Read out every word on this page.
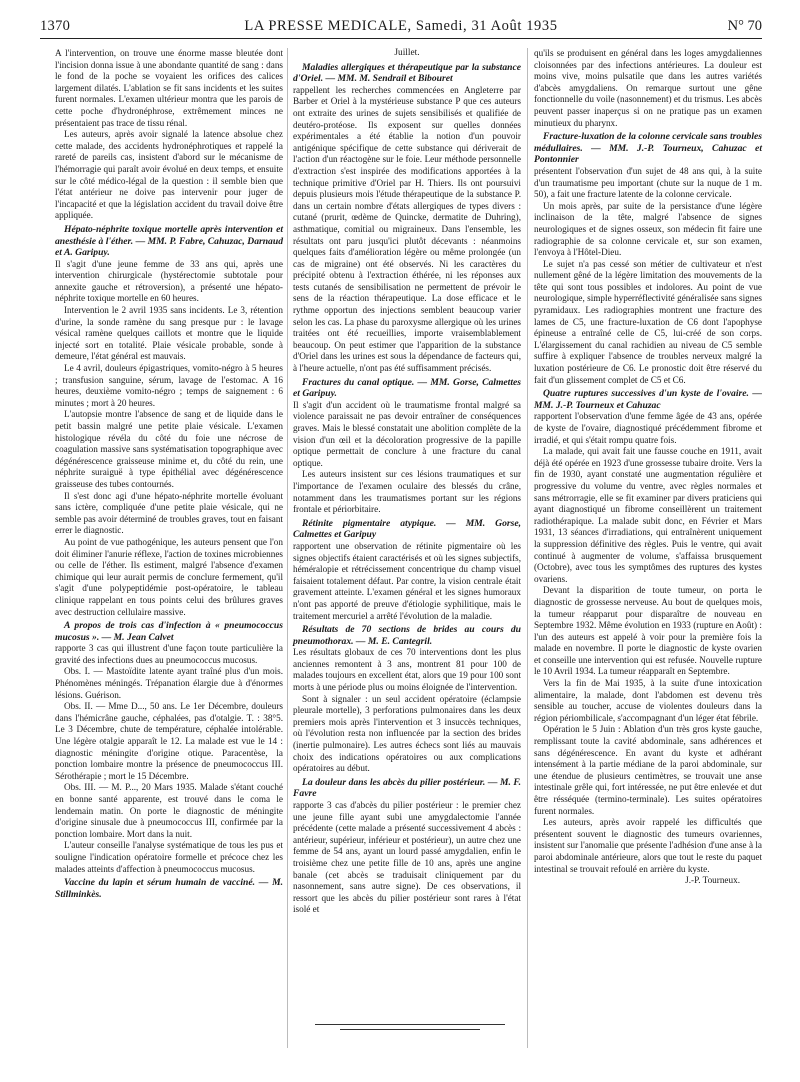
1370	LA PRESSE MEDICALE, Samedi, 31 Août 1935	N° 70

A l'intervention, on trouve une énorme masse bleutée dont l'incision donna issue à une abondante quantité de sang : dans le fond de la poche se voyaient les orifices des calices largement dilatés. L'ablation se fit sans incidents et les suites furent normales. L'examen ultérieur montra que les parois de cette poche d'hydronéphrose, extrêmement minces ne présentaient pas trace de tissu rénal.

Les auteurs, après avoir signalé la latence absolue chez cette malade, des accidents hydronéphrotiques et rappelé la rareté de pareils cas, insistent d'abord sur le mécanisme de l'hémorragie qui paraît avoir évolué en deux temps, et ensuite sur le côté médico-légal de la question : il semble bien que l'état antérieur ne doive pas intervenir pour juger de l'incapacité et que la législation accident du travail doive être appliquée.

Hépato-néphrite toxique mortelle après intervention et anesthésie à l'éther. — MM. P. Fabre, Cahuzac, Darnaud et A. Garipuy.

Il s'agit d'une jeune femme de 33 ans qui, après une intervention chirurgicale (hystérectomie subtotale pour annexite gauche et rétroversion), a présenté une hépato-néphrite toxique mortelle en 60 heures.

Intervention le 2 avril 1935 sans incidents. Le 3, rétention d'urine, la sonde ramène du sang presque pur : le lavage vésical ramène quelques caillots et montre que le liquide injecté sort en totalité. Plaie vésicale probable, sonde à demeure, l'état général est mauvais.

Le 4 avril, douleurs épigastriques, vomito-négro à 5 heures ; transfusion sanguine, sérum, lavage de l'estomac. A 16 heures, deuxième vomito-négro ; temps de saignement : 6 minutes ; mort à 20 heures.

L'autopsie montre l'absence de sang et de liquide dans le petit bassin malgré une petite plaie vésicale. L'examen histologique révéla du côté du foie une nécrose de coagulation massive sans systématisation topographique avec dégénérescence graisseuse minime et, du côté du rein, une néphrite suraiguë à type épithélial avec dégénérescence graisseuse des tubes contournés.

Il s'est donc agi d'une hépato-néphrite mortelle évoluant sans ictère, compliquée d'une petite plaie vésicale, qui ne semble pas avoir déterminé de troubles graves, tout en faisant errer le diagnostic.

Au point de vue pathogénique, les auteurs pensent que l'on doit éliminer l'anurie réflexe, l'action de toxines microbiennes ou celle de l'éther. Ils estiment, malgré l'absence d'examen chimique qui leur aurait permis de conclure fermement, qu'il s'agit d'une polypeptidémie post-opératoire, le tableau clinique rappelant en tous points celui des brûlures graves avec destruction cellulaire massive.

A propos de trois cas d'infection à « pneumococcus mucosus ». — M. Jean Calvet

rapporte 3 cas qui illustrent d'une façon toute particulière la gravité des infections dues au pneumococcus mucosus.

Obs. I. — Mastoïdite latente ayant traîné plus d'un mois. Phénomènes méningés. Trépanation élargie due à d'énormes lésions. Guérison.

Obs. II. — Mme D..., 50 ans. Le 1er Décembre, douleurs dans l'hémicrâne gauche, céphalées, pas d'otalgie. T. : 38°5. Le 3 Décembre, chute de température, céphalée intolérable. Une légère otalgie apparaît le 12. La malade est vue le 14 : diagnostic méningite d'origine otique. Paracentèse, la ponction lombaire montre la présence de pneumococcus III. Sérothérapie ; mort le 15 Décembre.

Obs. III. — M. P..., 20 Mars 1935. Malade s'étant couché en bonne santé apparente, est trouvé dans le coma le lendemain matin. On porte le diagnostic de méningite d'origine sinusale due à pneumococcus III, confirmée par la ponction lombaire. Mort dans la nuit.

L'auteur conseille l'analyse systématique de tous les pus et souligne l'indication opératoire formelle et précoce chez les malades atteints d'affection à pneumococcus mucosus.

Vaccine du lapin et sérum humain de vacciné. — M. Stillminkès.

Juillet.

Maladies allergiques et thérapeutique par la substance d'Oriel. — MM. M. Sendrail et Bibouret

rappellent les recherches commencées en Angleterre par Barber et Oriel à la mystérieuse substance P que ces auteurs ont extraite des urines de sujets sensibilisés et qualifiée de deutéro-protéose. Ils exposent sur quelles données expérimentales a été établie la notion d'un pouvoir antigénique spécifique de cette substance qui dériverait de l'action d'un réactogène sur le foie. Leur méthode personnelle d'extraction s'est inspirée des modifications apportées à la technique primitive d'Oriel par H. Thiers. Ils ont poursuivi depuis plusieurs mois l'étude thérapeutique de la substance P. dans un certain nombre d'états allergiques de types divers : cutané (prurit, œdème de Quincke, dermatite de Duhring), asthmatique, comitial ou migraineux. Dans l'ensemble, les résultats ont paru jusqu'ici plutôt décevants : néanmoins quelques faits d'amélioration légère ou même prolongée (un cas de migraine) ont été observés. Ni les caractères du précipité obtenu à l'extraction éthérée, ni les réponses aux tests cutanés de sensibilisation ne permettent de prévoir le sens de la réaction thérapeutique. La dose efficace et le rythme opportun des injections semblent beaucoup varier selon les cas. La phase du paroxysme allergique où les urines traitées ont été recueillies, importe vraisemblablement beaucoup. On peut estimer que l'apparition de la substance d'Oriel dans les urines est sous la dépendance de facteurs qui, à l'heure actuelle, n'ont pas été suffisamment précisés.

Fractures du canal optique. — MM. Gorse, Calmettes et Garipuy.

Il s'agit d'un accident où le traumatisme frontal malgré sa violence paraissait ne pas devoir entraîner de conséquences graves. Mais le blessé constatait une abolition complète de la vision d'un œil et la décoloration progressive de la papille optique permettait de conclure à une fracture du canal optique.

Les auteurs insistent sur ces lésions traumatiques et sur l'importance de l'examen oculaire des blessés du crâne, notamment dans les traumatismes portant sur les régions frontale et périorbitaire.

Rétinite pigmentaire atypique. — MM. Gorse, Calmettes et Garipuy

rapportent une observation de rétinite pigmentaire où les signes objectifs étaient caractérisés et où les signes subjectifs, héméralopie et rétrécissement concentrique du champ visuel faisaient totalement défaut. Par contre, la vision centrale était gravement atteinte. L'examen général et les signes humoraux n'ont pas apporté de preuve d'étiologie syphilitique, mais le traitement mercuriel a arrêté l'évolution de la maladie.

Résultats de 70 sections de brides au cours du pneumothorax. — M. E. Cantegril.

Les résultats globaux de ces 70 interventions dont les plus anciennes remontent à 3 ans, montrent 81 pour 100 de malades toujours en excellent état, alors que 19 pour 100 sont morts à une période plus ou moins éloignée de l'intervention.

Sont à signaler : un seul accident opératoire (éclampsie pleurale mortelle), 3 perforations pulmonaires dans les deux premiers mois après l'intervention et 3 insuccès techniques, où l'évolution resta non influencée par la section des brides (inertie pulmonaire). Les autres échecs sont liés au mauvais choix des indications opératoires ou aux complications opératoires au début.

La douleur dans les abcès du pilier postérieur. — M. F. Favre

rapporte 3 cas d'abcès du pilier postérieur : le premier chez une jeune fille ayant subi une amygdalectomie l'année précédente (cette malade a présenté successivement 4 abcès : antérieur, supérieur, inférieur et postérieur), un autre chez une femme de 54 ans, ayant un lourd passé amygdalien, enfin le troisième chez une petite fille de 10 ans, après une angine banale (cet abcès se traduisait cliniquement par du nasonnement, sans autre signe). De ces observations, il ressort que les abcès du pilier postérieur sont rares à l'état isolé et

qu'ils se produisent en général dans les loges amygdaliennes cloisonnées par des infections antérieures. La douleur est moins vive, moins pulsatile que dans les autres variétés d'abcès amygdaliens. On remarque surtout une gêne fonctionnelle du voile (nasonnement) et du trismus. Les abcès peuvent passer inaperçus si on ne pratique pas un examen minutieux du pharynx.

Fracture-luxation de la colonne cervicale sans troubles médullaires. — MM. J.-P. Tourneux, Cahuzac et Pontonnier

présentent l'observation d'un sujet de 48 ans qui, à la suite d'un traumatisme peu important (chute sur la nuque de 1 m. 50), a fait une fracture latente de la colonne cervicale.

Un mois après, par suite de la persistance d'une légère inclinaison de la tête, malgré l'absence de signes neurologiques et de signes osseux, son médecin fit faire une radiographie de sa colonne cervicale et, sur son examen, l'envoya à l'Hôtel-Dieu.

Le sujet n'a pas cessé son métier de cultivateur et n'est nullement gêné de la légère limitation des mouvements de la tête qui sont tous possibles et indolores. Au point de vue neurologique, simple hyperréflectivité généralisée sans signes pyramidaux. Les radiographies montrent une fracture des lames de C5, une fracture-luxation de C6 dont l'apophyse épineuse a entraîné celle de C5, lui-créé de son corps. L'élargissement du canal rachidien au niveau de C5 semble suffire à expliquer l'absence de troubles nerveux malgré la luxation postérieure de C6. Le pronostic doit être réservé du fait d'un glissement complet de C5 et C6.

Quatre ruptures successives d'un kyste de l'ovaire. — MM. J.-P. Tourneux et Cahuzac

rapportent l'observation d'une femme âgée de 43 ans, opérée de kyste de l'ovaire, diagnostiqué précédemment fibrome et irradié, et qui s'était rompu quatre fois.

La malade, qui avait fait une fausse couche en 1911, avait déjà été opérée en 1923 d'une grossesse tubaire droite. Vers la fin de 1930, ayant constaté une augmentation régulière et progressive du volume du ventre, avec règles normales et sans métrorragie, elle se fit examiner par divers praticiens qui ayant diagnostiqué un fibrome conseillèrent un traitement radiothérapique. La malade subit donc, en Février et Mars 1931, 13 séances d'irradiations, qui entraînèrent uniquement la suppression définitive des règles. Puis le ventre, qui avait continué à augmenter de volume, s'affaissa brusquement (Octobre), avec tous les symptômes des ruptures des kystes ovariens.

Devant la disparition de toute tumeur, on porta le diagnostic de grossesse nerveuse. Au bout de quelques mois, la tumeur réapparut pour disparaître de nouveau en Septembre 1932. Même évolution en 1933 (rupture en Août) : l'un des auteurs est appelé à voir pour la première fois la malade en novembre. Il porte le diagnostic de kyste ovarien et conseille une intervention qui est refusée. Nouvelle rupture le 10 Avril 1934. La tumeur réapparaît en Septembre.

Vers la fin de Mai 1935, à la suite d'une intoxication alimentaire, la malade, dont l'abdomen est devenu très sensible au toucher, accuse de violentes douleurs dans la région périombilicale, s'accompagnant d'un léger état fébrile.

Opération le 5 Juin : Ablation d'un très gros kyste gauche, remplissant toute la cavité abdominale, sans adhérences et sans dégénérescence. En avant du kyste et adhérant intensément à la partie médiane de la paroi abdominale, sur une étendue de plusieurs centimètres, se trouvait une anse intestinale grêle qui, fort intéressée, ne put être enlevée et dut être résséquée (termino-terminale). Les suites opératoires furent normales.

Les auteurs, après avoir rappelé les difficultés que présentent souvent le diagnostic des tumeurs ovariennes, insistent sur l'anomalie que présente l'adhésion d'une anse à la paroi abdominale antérieure, alors que tout le reste du paquet intestinal se trouvait refoulé en arrière du kyste.

J.-P. Tourneux.
